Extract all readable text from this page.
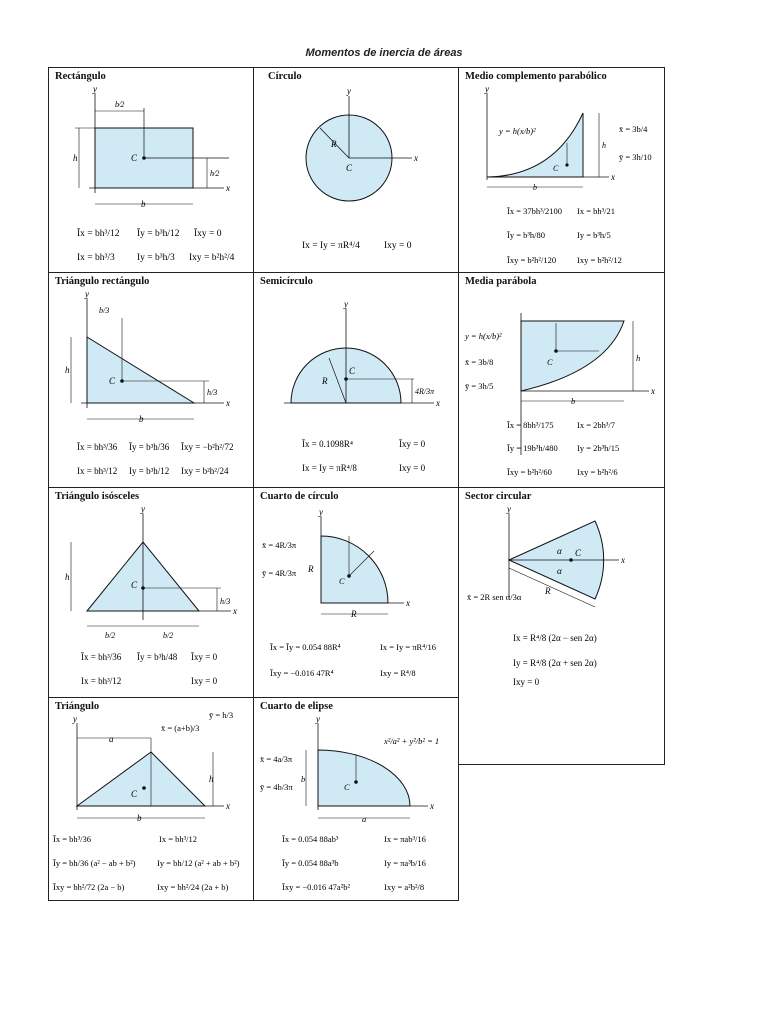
Momentos de inercia de áreas
Rectángulo
y
x
C
b⁄2
h
h⁄2
b
Īx = bh³/12 Īy = b³h/12 Īxy = 0
Ix = bh³/3 Iy = b³h/3 Ixy = b²h²/4
Círculo
y
x
R
C
Ix = Iy = πR⁴/4	Ixy = 0
Medio complemento parabólico
y
x
y = h(x/b)²
C
h
b
x̄ = 3b/4
ȳ = 3h/10
Īx = 37bh³/2100 Ix = bh³/21
Īy = b³h/80	Iy = b³h/5
Īxy = b²h²/120 Ixy = b²h²/12
Triángulo rectángulo
y
x
C
b/3
h
h/3
b
Īx = bh³/36 Īy = b³h/36 Īxy = −b²h²/72
Ix = bh³/12 Iy = b³h/12 Ixy = b²h²/24
Semicírculo
y
x
R
C
4R/3π
Īx = 0.1098R⁴	Īxy = 0
Ix = Iy = πR⁴/8	Ixy = 0
Media parábola
x
C
y = h(x/b)²
x̄ = 3b/8
ȳ = 3h/5
h
b
Īx = 8bh³/175	Ix = 2bh³/7
Īy = 19b³h/480 Iy = 2b³h/15
Īxy = b²h²/60	Ixy = b²h²/6
Triángulo isósceles
y
x
C
h
h/3
b/2	b/2
Īx = bh³/36 Īy = b³h/48 Īxy = 0
Ix = bh³/12	Ixy = 0
Cuarto de círculo
y
x
C
x̄ = 4R/3π
ȳ = 4R/3π R
R
Īx = Īy = 0.054 88R⁴	Ix = Iy = πR⁴/16
Īxy = −0.016 47R⁴	Ixy = R⁴/8
Sector circular
y
x
C
α
α
R
x̄ = 2R sen α/3α
Ix = R⁴/8 (2α − sen 2α)
Iy = R⁴/8 (2α + sen 2α)
Ixy = 0
Triángulo
y
x
a
C
h
b
x̄ = (a+b)/3
ȳ = h/3
Īx = bh³/36	Ix = bh³/12
Īy = bh/36 (a² − ab + b²)	Iy = bh/12 (a² + ab + b²)
Īxy = bh²/72 (2a − b)	Ixy = bh²/24 (2a + b)
Cuarto de elipse
y
x
C
x²/a² + y²/b² = 1
b
a
x̄ = 4a/3π
ȳ = 4b/3π
Īx = 0.054 88ab³	Ix = πab³/16
Īy = 0.054 88a³b	Iy = πa³b/16
Īxy = −0.016 47a²b²	Ixy = a²b²/8
